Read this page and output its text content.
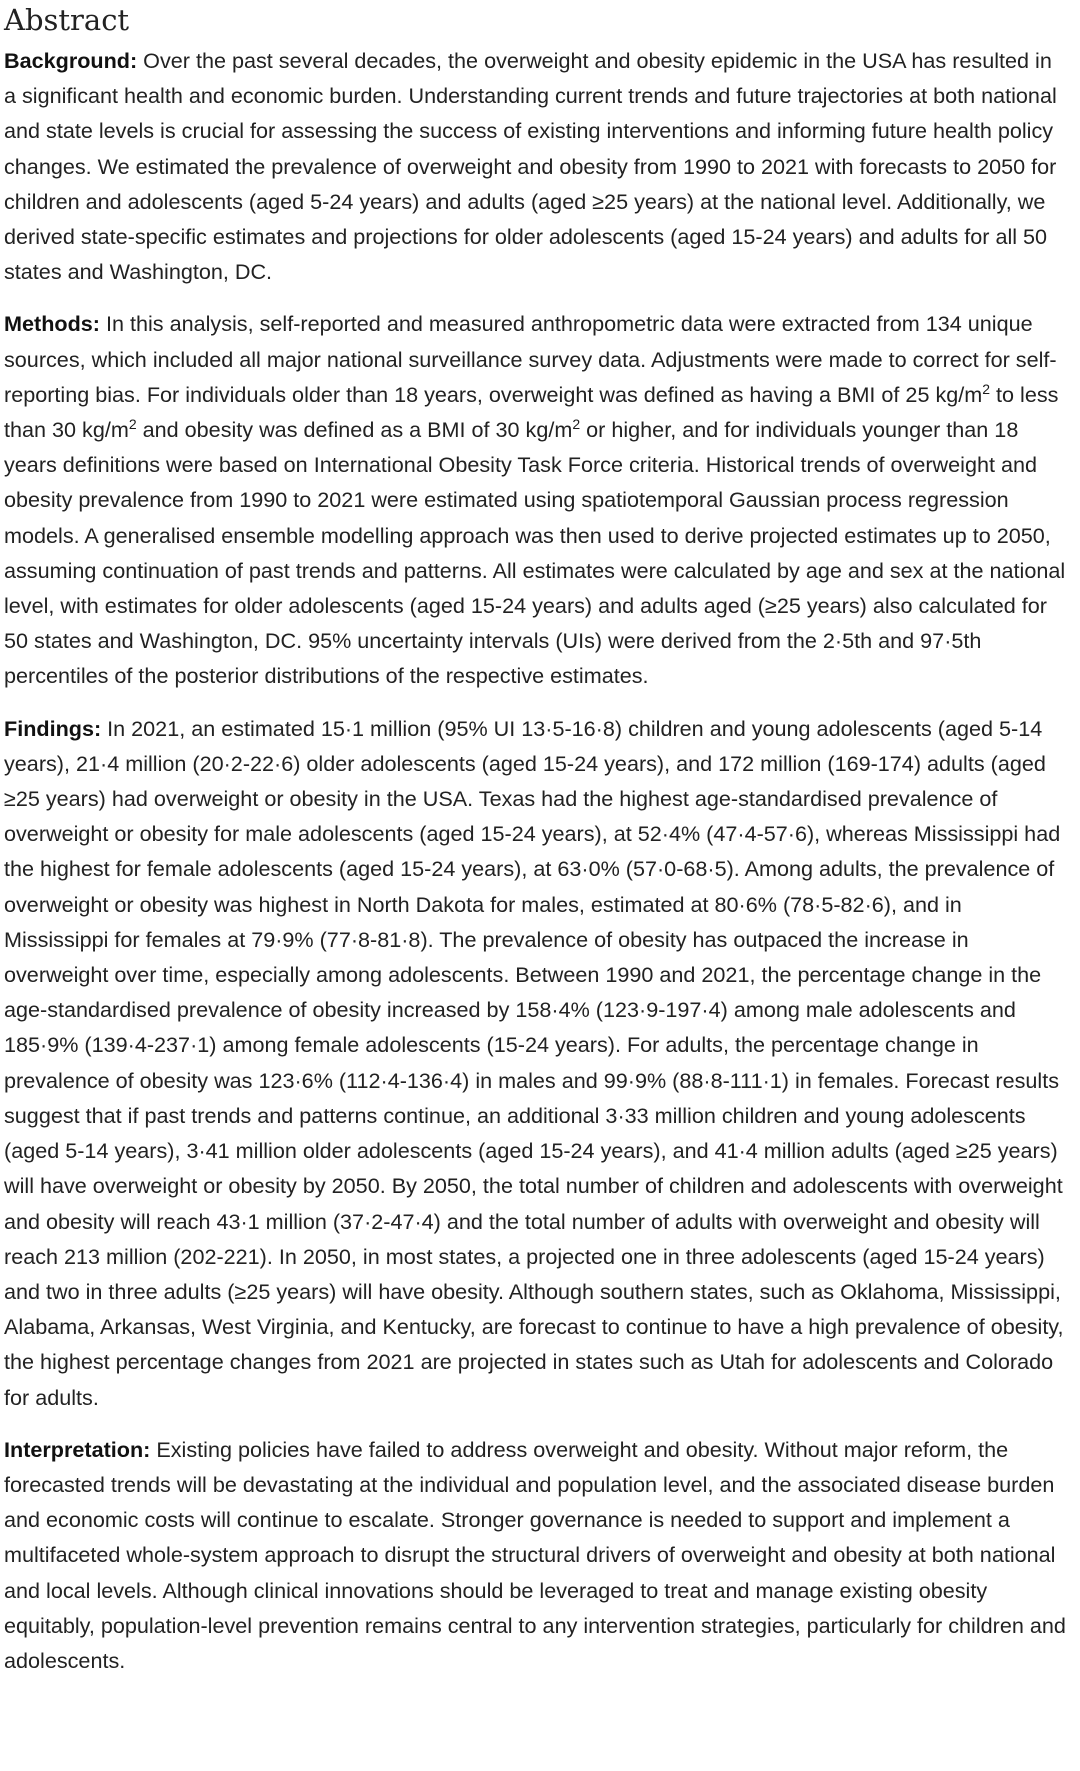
Abstract

Background: Over the past several decades, the overweight and obesity epidemic in the USA has resulted in a significant health and economic burden. Understanding current trends and future trajectories at both national and state levels is crucial for assessing the success of existing interventions and informing future health policy changes. We estimated the prevalence of overweight and obesity from 1990 to 2021 with forecasts to 2050 for children and adolescents (aged 5-24 years) and adults (aged ≥25 years) at the national level. Additionally, we derived state-specific estimates and projections for older adolescents (aged 15-24 years) and adults for all 50 states and Washington, DC.

Methods: In this analysis, self-reported and measured anthropometric data were extracted from 134 unique sources, which included all major national surveillance survey data. Adjustments were made to correct for self-reporting bias. For individuals older than 18 years, overweight was defined as having a BMI of 25 $kg/m^2$ to less than 30 $kg/m^2$ and obesity was defined as a BMI of 30 $kg/m^2$ or higher, and for individuals younger than 18 years definitions were based on International Obesity Task Force criteria. Historical trends of overweight and obesity prevalence from 1990 to 2021 were estimated using spatiotemporal Gaussian process regression models. A generalised ensemble modelling approach was then used to derive projected estimates up to 2050, assuming continuation of past trends and patterns. All estimates were calculated by age and sex at the national level, with estimates for older adolescents (aged 15-24 years) and adults aged (≥25 years) also calculated for 50 states and Washington, DC. 95% uncertainty intervals (UIs) were derived from the 2·5th and 97·5th percentiles of the posterior distributions of the respective estimates.

Findings: In 2021, an estimated 15·1 million (95% UI 13·5-16·8) children and young adolescents (aged 5-14 years), 21·4 million (20·2-22·6) older adolescents (aged 15-24 years), and 172 million (169-174) adults (aged ≥25 years) had overweight or obesity in the USA. Texas had the highest age-standardised prevalence of overweight or obesity for male adolescents (aged 15-24 years), at 52·4% (47·4-57·6), whereas Mississippi had the highest for female adolescents (aged 15-24 years), at 63·0% (57·0-68·5). Among adults, the prevalence of overweight or obesity was highest in North Dakota for males, estimated at 80·6% (78·5-82·6), and in Mississippi for females at 79·9% (77·8-81·8). The prevalence of obesity has outpaced the increase in overweight over time, especially among adolescents. Between 1990 and 2021, the percentage change in the age-standardised prevalence of obesity increased by 158·4% (123·9-197·4) among male adolescents and 185·9% (139·4-237·1) among female adolescents (15-24 years). For adults, the percentage change in prevalence of obesity was 123·6% (112·4-136·4) in males and 99·9% (88·8-111·1) in females. Forecast results suggest that if past trends and patterns continue, an additional 3·33 million children and young adolescents (aged 5-14 years), 3·41 million older adolescents (aged 15-24 years), and 41·4 million adults (aged ≥25 years) will have overweight or obesity by 2050. By 2050, the total number of children and adolescents with overweight and obesity will reach 43·1 million (37·2-47·4) and the total number of adults with overweight and obesity will reach 213 million (202-221). In 2050, in most states, a projected one in three adolescents (aged 15-24 years) and two in three adults (≥25 years) will have obesity. Although southern states, such as Oklahoma, Mississippi, Alabama, Arkansas, West Virginia, and Kentucky, are forecast to continue to have a high prevalence of obesity, the highest percentage changes from 2021 are projected in states such as Utah for adolescents and Colorado for adults.

Interpretation: Existing policies have failed to address overweight and obesity. Without major reform, the forecasted trends will be devastating at the individual and population level, and the associated disease burden and economic costs will continue to escalate. Stronger governance is needed to support and implement a multifaceted whole-system approach to disrupt the structural drivers of overweight and obesity at both national and local levels. Although clinical innovations should be leveraged to treat and manage existing obesity equitably, population-level prevention remains central to any intervention strategies, particularly for children and adolescents.
